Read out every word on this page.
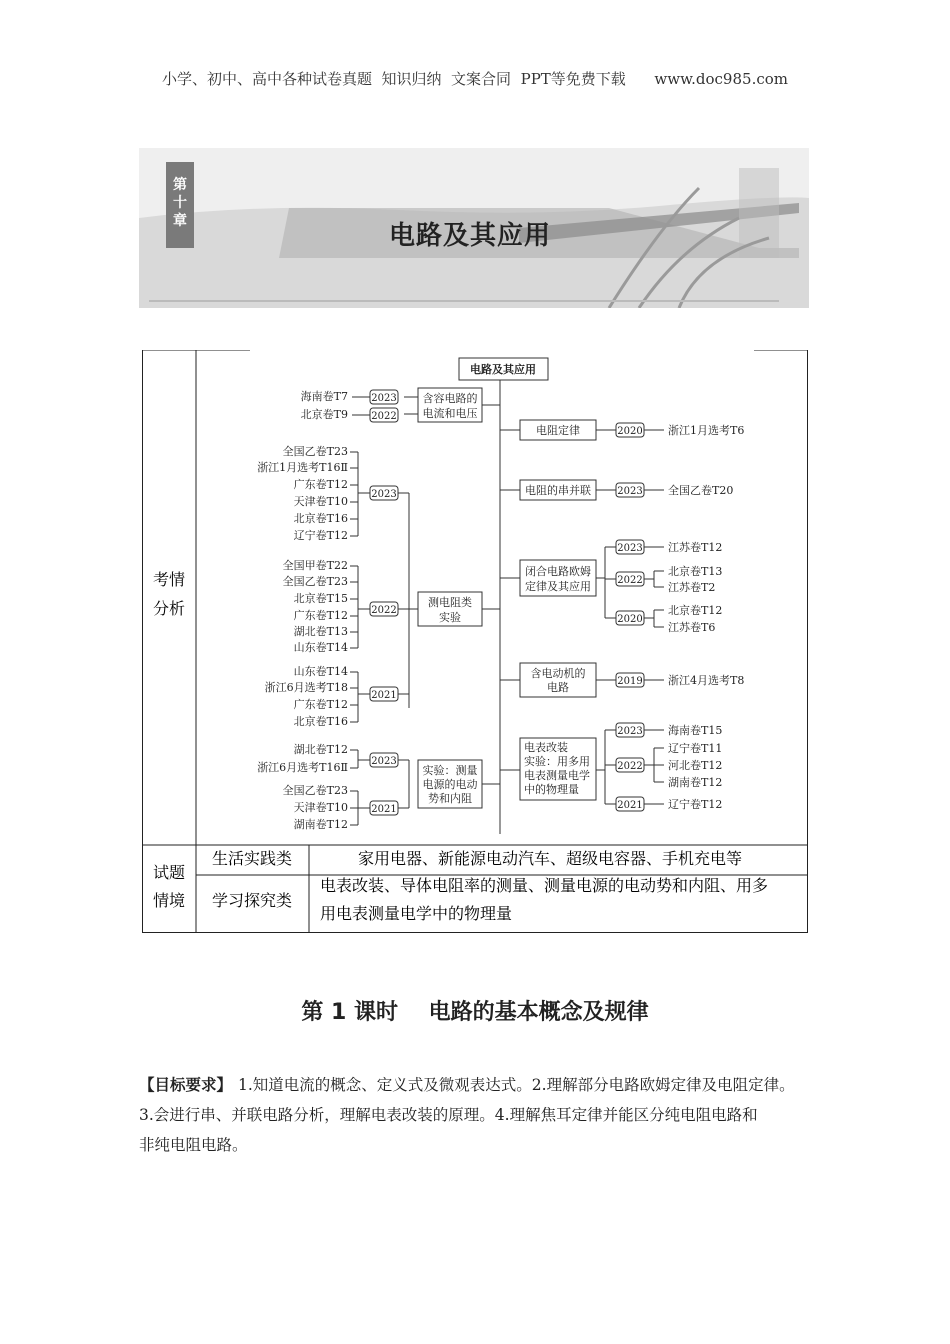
小学、初中、高中各种试卷真题  知识归纳  文案合同  PPT等免费下载      www.doc985.com
第
十
章	电路及其应用
考情
分析
试题
情境
生活实践类	家用电器、新能源电动汽车、超级电容器、手机充电等
学习探究类
电表改装、导体电阻率的测量、测量电源的电动势和内阻、用多
用电表测量电学中的物理量
电路及其应用
含容电路的
电流和电压
测电阻类
实验
实验：测量
电源的电动
势和内阻
2023
2022
2023
2022
2021
2023
2021
海南卷T7
北京卷T9
全国乙卷T23
浙江1月选考T16Ⅱ
广东卷T12
天津卷T10
北京卷T16
辽宁卷T12
全国甲卷T22
全国乙卷T23
北京卷T15
广东卷T12
湖北卷T13
山东卷T14
山东卷T14
浙江6月选考T18
广东卷T12
北京卷T16
湖北卷T12
浙江6月选考T16Ⅱ
全国乙卷T23
天津卷T10
湖南卷T12
电阻定律
电阻的串并联
闭合电路欧姆
定律及其应用
含电动机的
电路
电表改装
实验：用多用
电表测量电学
中的物理量
2020
2023
2023
2022
2020
2019
2023
2022
2021
浙江1月选考T6
全国乙卷T20
江苏卷T12
北京卷T13
江苏卷T2
北京卷T12
江苏卷T6
浙江4月选考T8
海南卷T15
辽宁卷T11
河北卷T12
湖南卷T12
辽宁卷T12
第 1 课时    电路的基本概念及规律
【目标要求】 1.知道电流的概念、定义式及微观表达式。2.理解部分电路欧姆定律及电阻定律。
3.会进行串、并联电路分析，理解电表改装的原理。4.理解焦耳定律并能区分纯电阻电路和
非纯电阻电路。
